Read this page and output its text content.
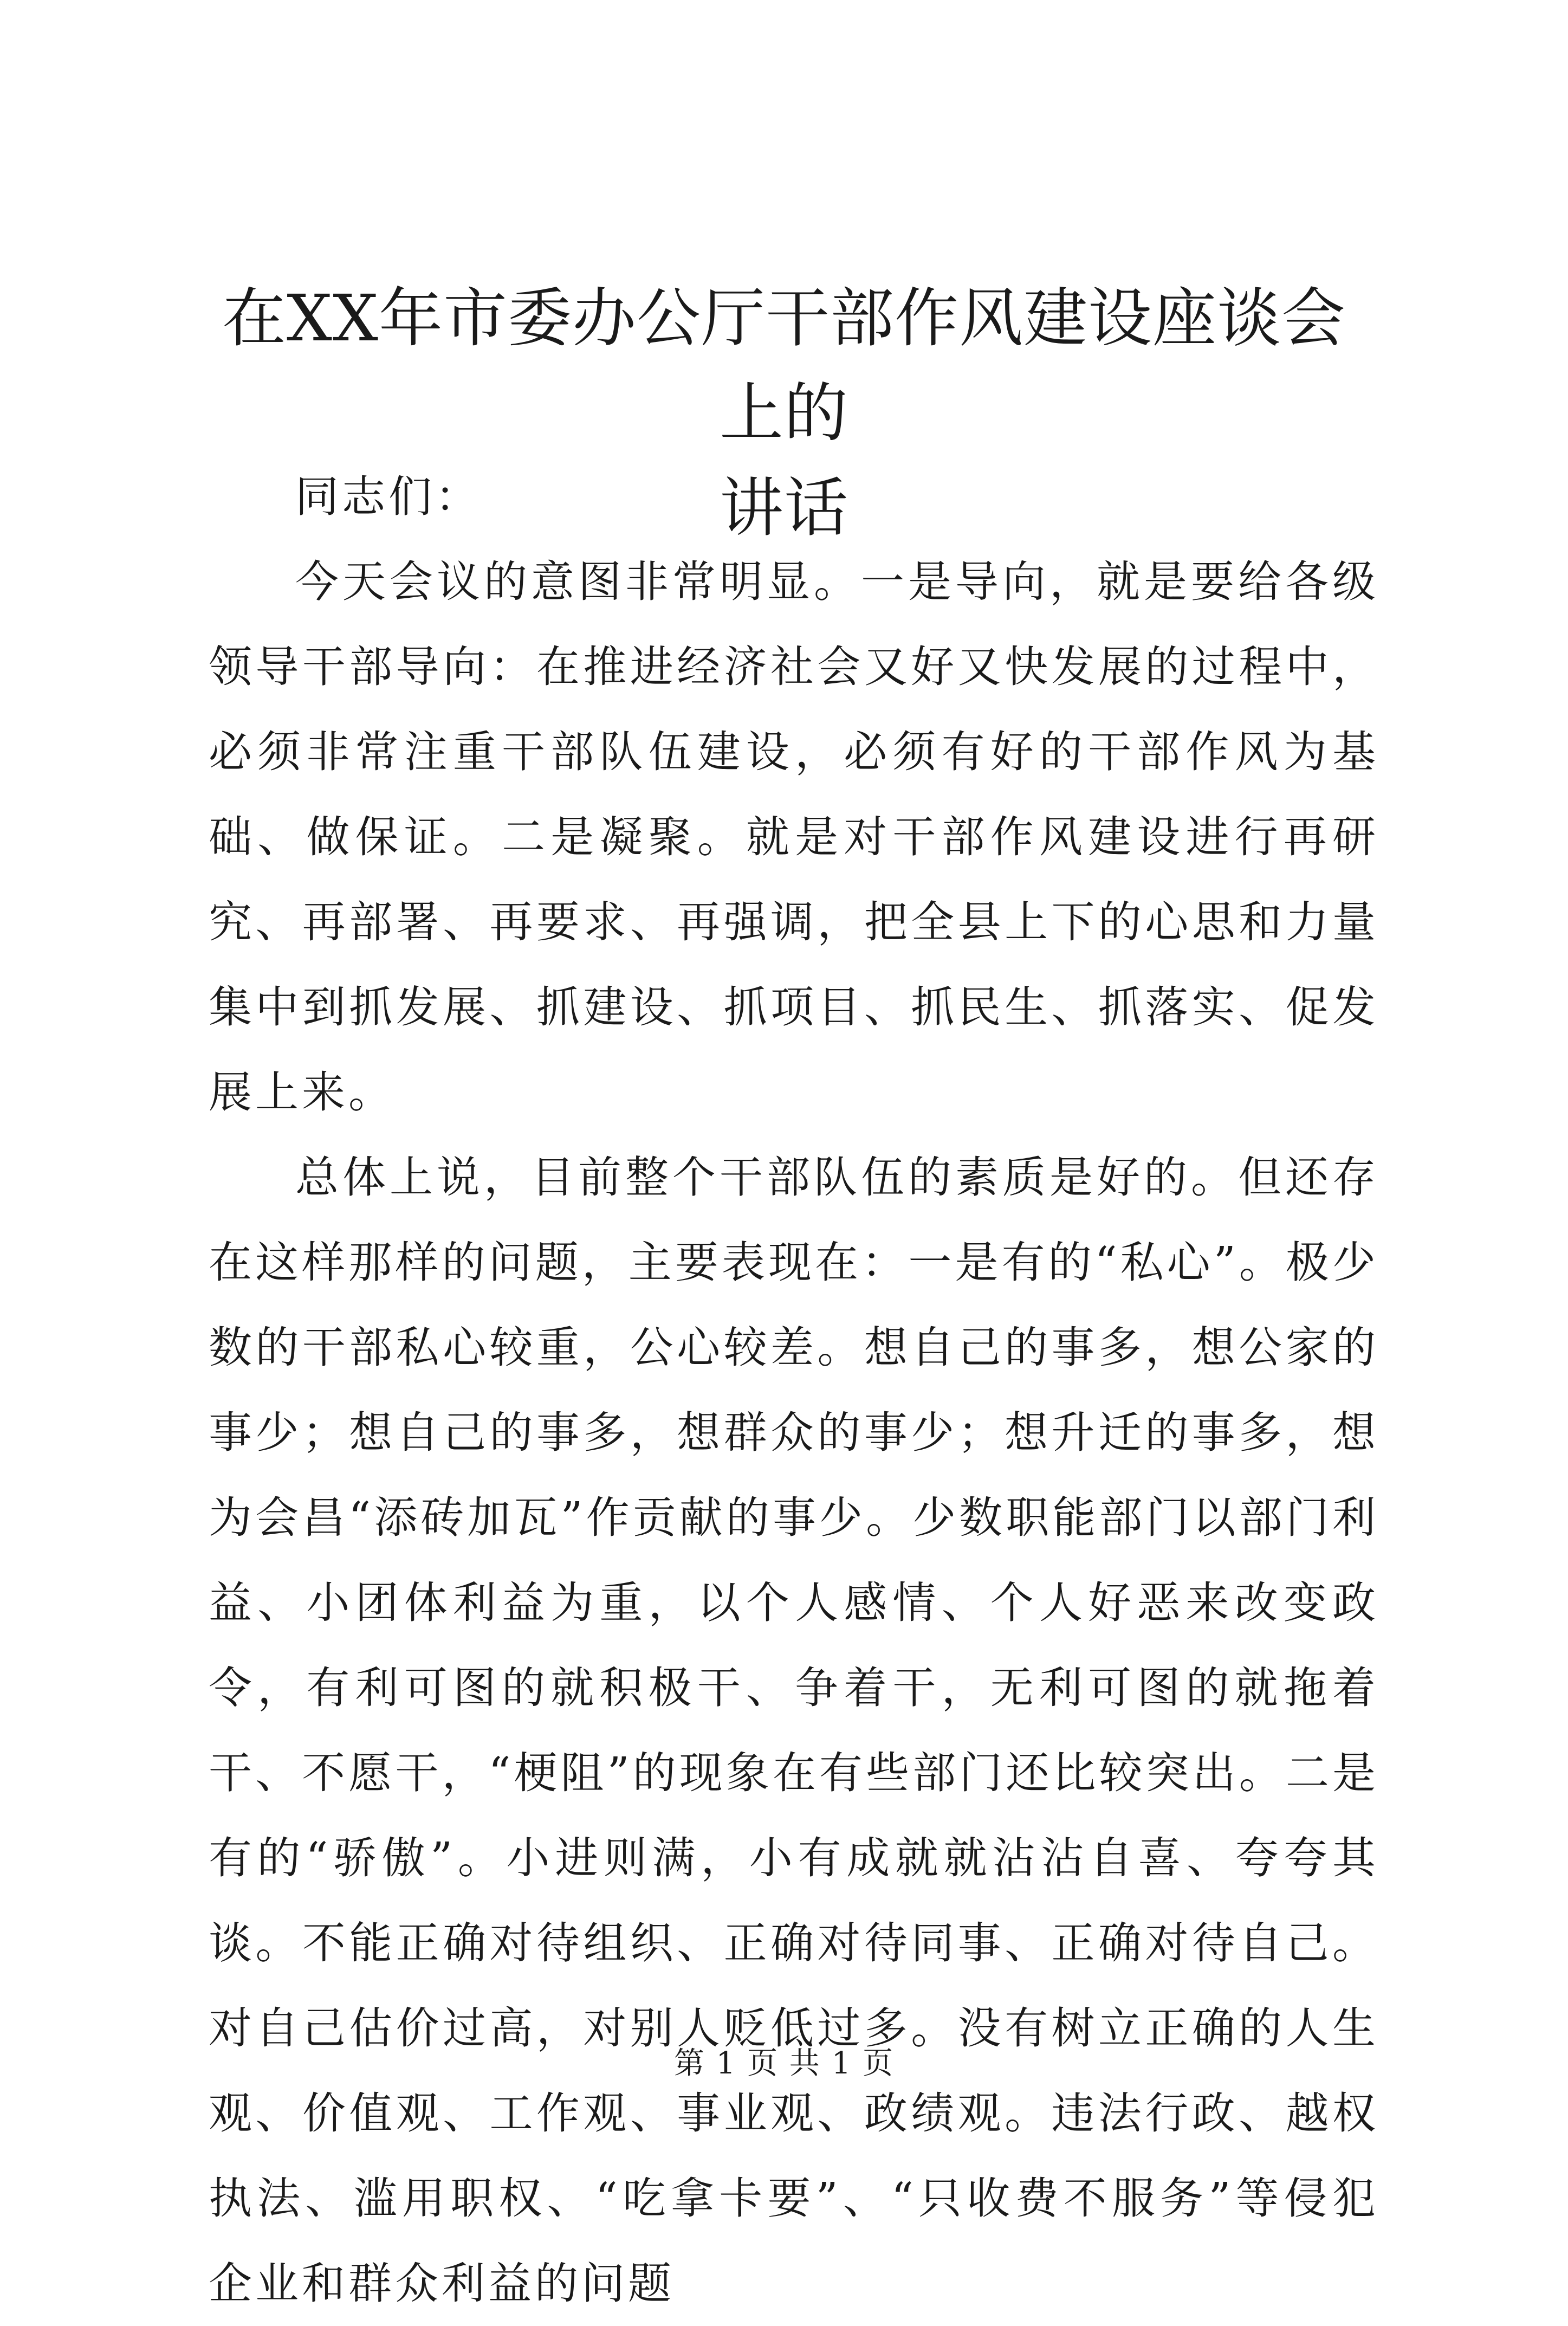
在XX年市委办公厅干部作风建设座谈会上的
讲话

同志们：

今天会议的意图非常明显。一是导向，就是要给各级领导干部导向：在推进经济社会又好又快发展的过程中，必须非常注重干部队伍建设，必须有好的干部作风为基础、做保证。二是凝聚。就是对干部作风建设进行再研究、再部署、再要求、再强调，把全县上下的心思和力量集中到抓发展、抓建设、抓项目、抓民生、抓落实、促发展上来。

总体上说，目前整个干部队伍的素质是好的。但还存在这样那样的问题，主要表现在：一是有的“私心”。极少数的干部私心较重，公心较差。想自己的事多，想公家的事少；想自己的事多，想群众的事少；想升迁的事多，想为会昌“添砖加瓦”作贡献的事少。少数职能部门以部门利益、小团体利益为重，以个人感情、个人好恶来改变政令，有利可图的就积极干、争着干，无利可图的就拖着干、不愿干，“梗阻”的现象在有些部门还比较突出。二是有的“骄傲”。小进则满，小有成就就沾沾自喜、夸夸其谈。不能正确对待组织、正确对待同事、正确对待自己。对自己估价过高，对别人贬低过多。没有树立正确的人生观、价值观、工作观、事业观、政绩观。违法行政、越权执法、滥用职权、“吃拿卡要”、“只收费不服务”等侵犯企业和群众利益的问题

第 1 页 共 1 页
